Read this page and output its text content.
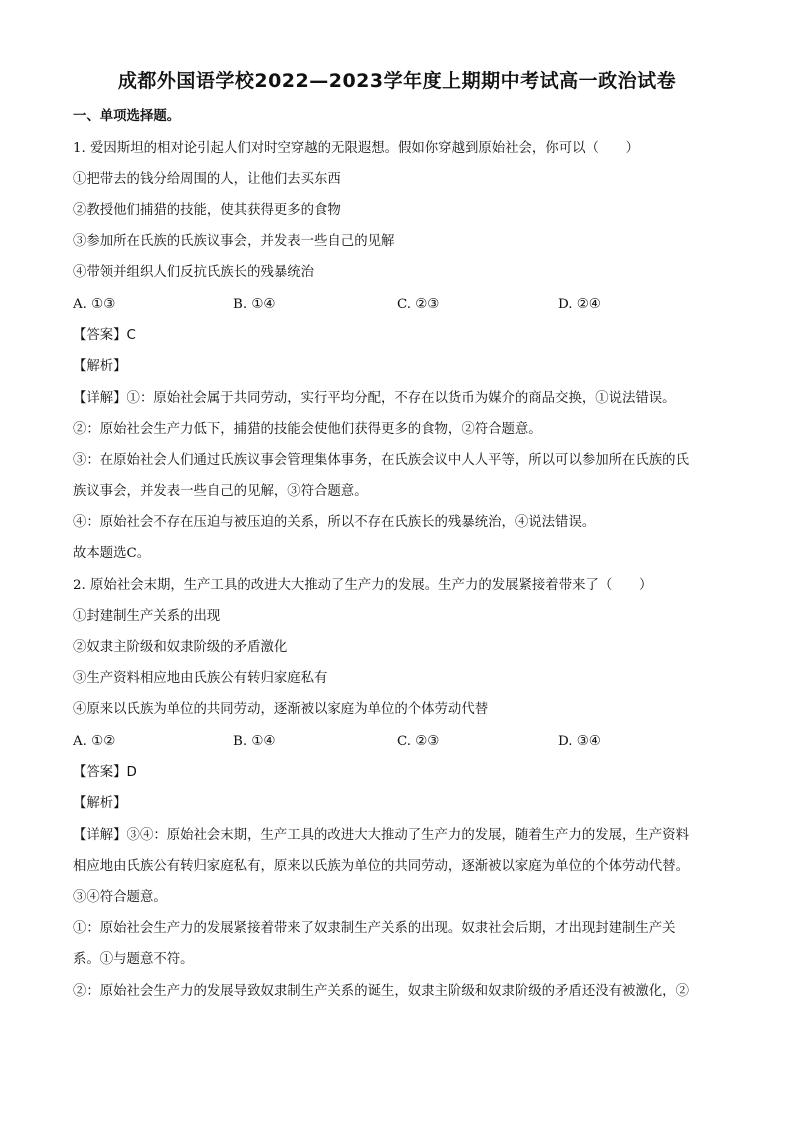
成都外国语学校2022—2023学年度上期期中考试高一政治试卷
一、单项选择题。
1. 爱因斯坦的相对论引起人们对时空穿越的无限遐想。假如你穿越到原始社会，你可以（　　）
①把带去的钱分给周围的人，让他们去买东西
②教授他们捕猎的技能，使其获得更多的食物
③参加所在氏族的氏族议事会，并发表一些自己的见解
④带领并组织人们反抗氏族长的残暴统治
A. ①③	B. ①④	C. ②③	D. ②④
【答案】C
【解析】
【详解】①：原始社会属于共同劳动，实行平均分配，不存在以货币为媒介的商品交换，①说法错误。
②：原始社会生产力低下，捕猎的技能会使他们获得更多的食物，②符合题意。
③：在原始社会人们通过氏族议事会管理集体事务，在氏族会议中人人平等，所以可以参加所在氏族的氏
族议事会，并发表一些自己的见解，③符合题意。
④：原始社会不存在压迫与被压迫的关系，所以不存在氏族长的残暴统治，④说法错误。
故本题选C。
2. 原始社会末期，生产工具的改进大大推动了生产力的发展。生产力的发展紧接着带来了（　　）
①封建制生产关系的出现
②奴隶主阶级和奴隶阶级的矛盾激化
③生产资料相应地由氏族公有转归家庭私有
④原来以氏族为单位的共同劳动，逐渐被以家庭为单位的个体劳动代替
A. ①②	B. ①④	C. ②③	D. ③④
【答案】D
【解析】
【详解】③④：原始社会末期，生产工具的改进大大推动了生产力的发展，随着生产力的发展，生产资料
相应地由氏族公有转归家庭私有，原来以氏族为单位的共同劳动，逐渐被以家庭为单位的个体劳动代替。
③④符合题意。
①：原始社会生产力的发展紧接着带来了奴隶制生产关系的出现。奴隶社会后期，才出现封建制生产关
系。①与题意不符。
②：原始社会生产力的发展导致奴隶制生产关系的诞生，奴隶主阶级和奴隶阶级的矛盾还没有被激化，②
